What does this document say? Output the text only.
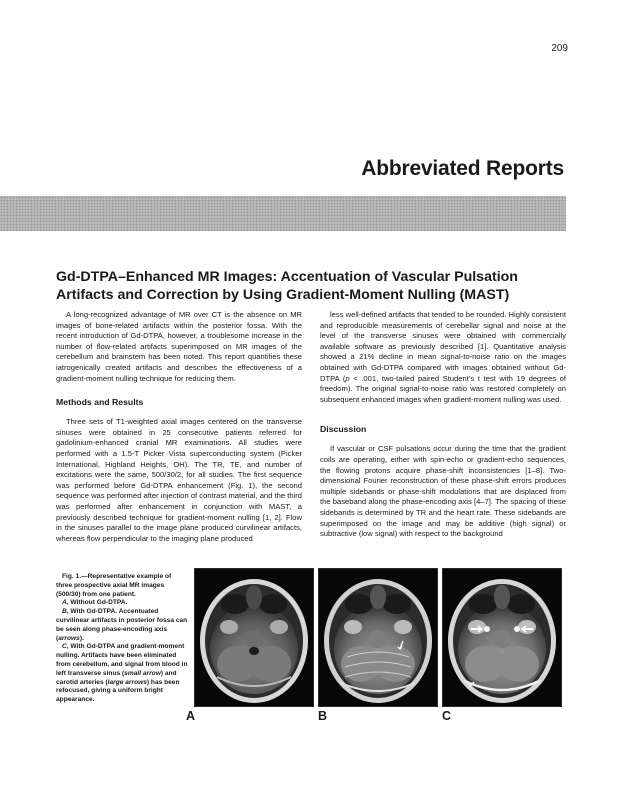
209
Abbreviated Reports
Gd-DTPA–Enhanced MR Images: Accentuation of Vascular Pulsation Artifacts and Correction by Using Gradient-Moment Nulling (MAST)

A long-recognized advantage of MR over CT is the absence on MR images of bone-related artifacts within the posterior fossa. With the recent introduction of Gd-DTPA, however, a troublesome increase in the number of flow-related artifacts superimposed on MR images of the cerebellum and brainstem has been noted. This report quantifies these iatrogenically created artifacts and describes the effectiveness of a gradient-moment nulling technique for reducing them.

Methods and Results

Three sets of T1-weighted axial images centered on the transverse sinuses were obtained in 25 consecutive patients referred for gadolinium-enhanced cranial MR examinations. All studies were performed with a 1.5-T Picker Vista superconducting system (Picker International, Highland Heights, OH). The TR, TE, and number of excitations were the same, 500/30/2, for all studies. The first sequence was performed before Gd-DTPA enhancement (Fig. 1), the second sequence was performed after injection of contrast material, and the third was performed after enhancement in conjunction with MAST, a previously described technique for gradient-moment nulling [1, 2]. Flow in the sinuses parallel to the image plane produced curvilinear artifacts, whereas flow perpendicular to the imaging plane produced

less well-defined artifacts that tended to be rounded. Highly consistent and reproducible measurements of cerebellar signal and noise at the level of the transverse sinuses were obtained with commercially available software as previously described [1]. Quantitative analysis showed a 21% decline in mean signal-to-noise ratio on the images obtained with Gd-DTPA compared with images obtained without Gd-DTPA (p < .001, two-tailed paired Student’s t test with 19 degrees of freedom). The original signal-to-noise ratio was restored completely on subsequent enhanced images when gradient-moment nulling was used.

Discussion

If vascular or CSF pulsations occur during the time that the gradient coils are operating, either with spin-echo or gradient-echo sequences, the flowing protons acquire phase-shift inconsistencies [1–8]. Two-dimensional Fourier reconstruction of these phase-shift errors produces multiple sidebands or phase-shift modulations that are displaced from the baseband along the phase-encoding axis [4–7]. The spacing of these sidebands is determined by TR and the heart rate. These sidebands are superimposed on the image and may be additive (high signal) or subtractive (low signal) with respect to the background

Fig. 1.—Representative example of three prospective axial MR images (500/30) from one patient.

A, Without Gd-DTPA.

B, With Gd-DTPA. Accentuated curvilinear artifacts in posterior fossa can be seen along phase-encoding axis (arrows).

C, With Gd-DTPA and gradient-moment nulling. Artifacts have been eliminated from cerebellum, and signal from blood in left transverse sinus (small arrow) and carotid arteries (large arrows) has been refocused, giving a uniform bright appearance.

A	B	C
